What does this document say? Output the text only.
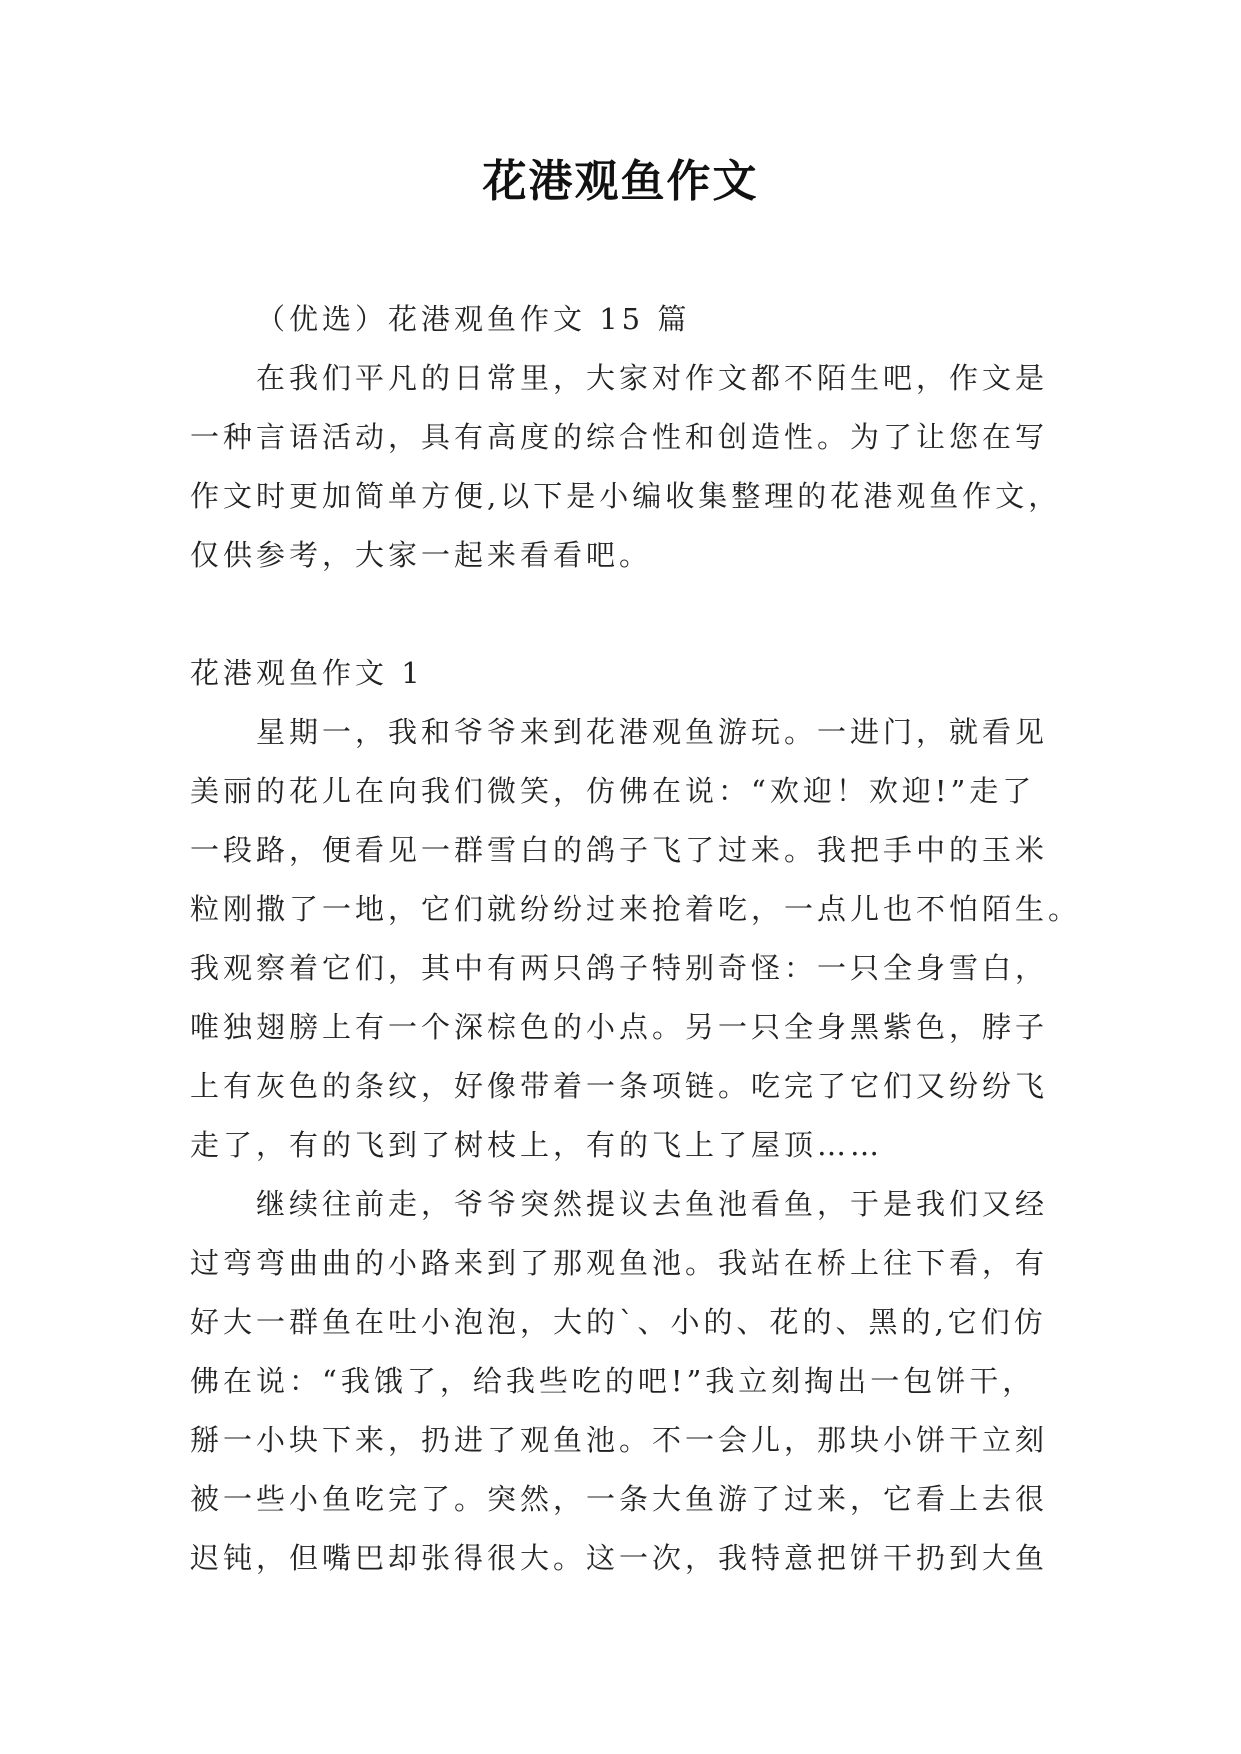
花港观鱼作文
（优选）花港观鱼作文 15 篇
在我们平凡的日常里，大家对作文都不陌生吧，作文是
一种言语活动，具有高度的综合性和创造性。为了让您在写
作文时更加简单方便,以下是小编收集整理的花港观鱼作文，
仅供参考，大家一起来看看吧。
花港观鱼作文 1
星期一，我和爷爷来到花港观鱼游玩。一进门，就看见
美丽的花儿在向我们微笑，仿佛在说：“欢迎！欢迎!”走了
一段路，便看见一群雪白的鸽子飞了过来。我把手中的玉米
粒刚撒了一地，它们就纷纷过来抢着吃，一点儿也不怕陌生。
我观察着它们，其中有两只鸽子特别奇怪：一只全身雪白，
唯独翅膀上有一个深棕色的小点。另一只全身黑紫色，脖子
上有灰色的条纹，好像带着一条项链。吃完了它们又纷纷飞
走了，有的飞到了树枝上，有的飞上了屋顶……
继续往前走，爷爷突然提议去鱼池看鱼，于是我们又经
过弯弯曲曲的小路来到了那观鱼池。我站在桥上往下看，有
好大一群鱼在吐小泡泡，大的`、小的、花的、黑的,它们仿
佛在说：“我饿了，给我些吃的吧!”我立刻掏出一包饼干，
掰一小块下来，扔进了观鱼池。不一会儿，那块小饼干立刻
被一些小鱼吃完了。突然，一条大鱼游了过来，它看上去很
迟钝，但嘴巴却张得很大。这一次，我特意把饼干扔到大鱼
